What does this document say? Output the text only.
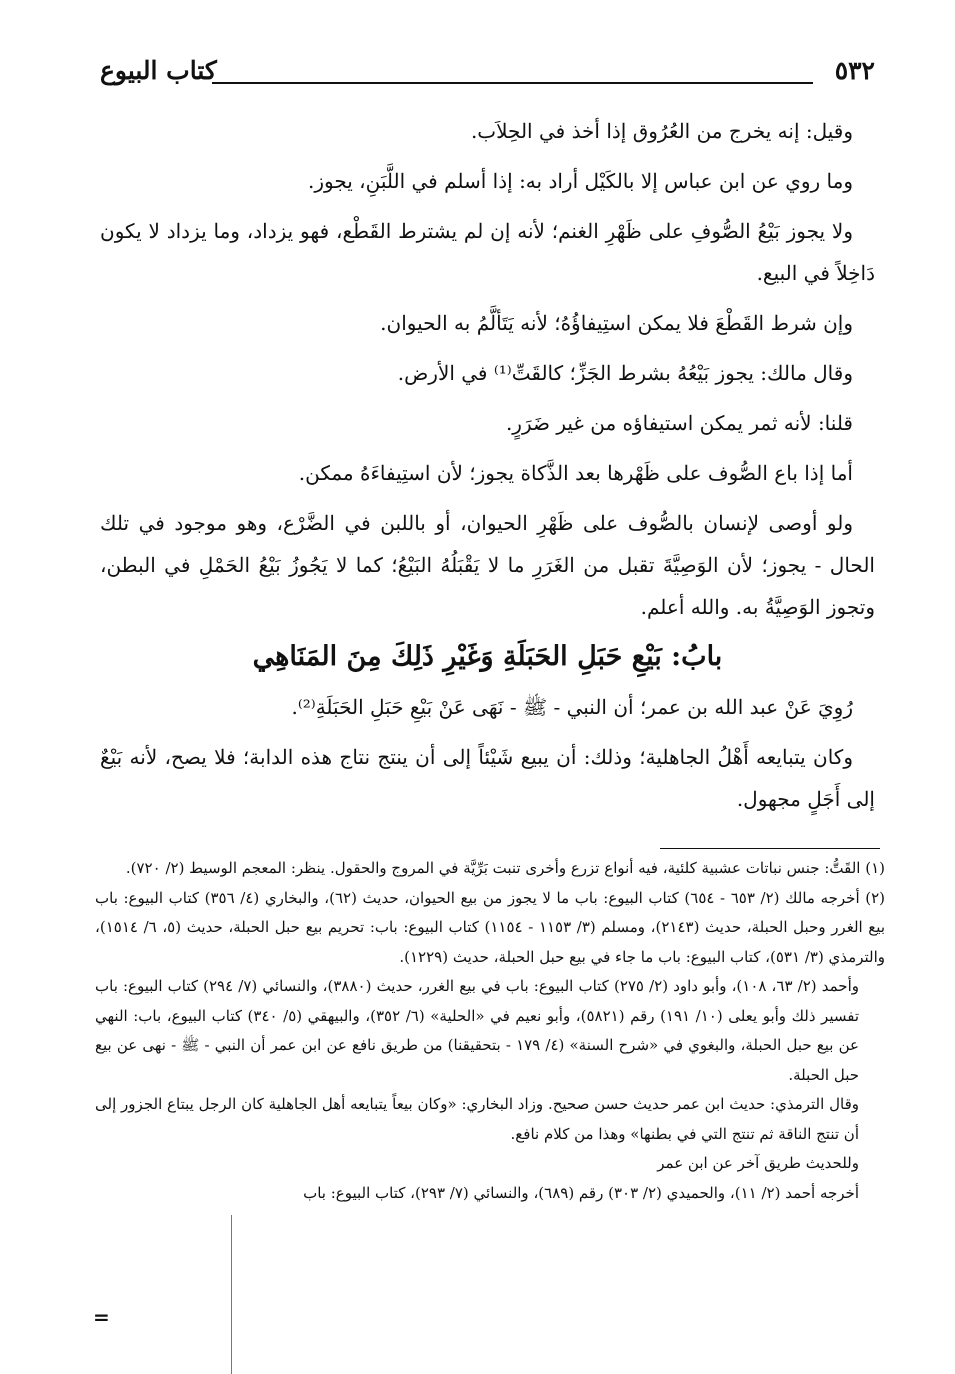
٥٣٢
كتاب البيوع

وقيل: إنه يخرج من العُرُوق إذا أخذ في الحِلاَب.

وما روي عن ابن عباس إلا بالكَيْل أراد به: إذا أسلم في اللَّبَنِ، يجوز.

ولا يجوز بَيْعُ الصُّوفِ على ظَهْرِ الغنم؛ لأنه إن لم يشترط القَطْع، فهو يزداد، وما يزداد لا يكون دَاخِلاً في البيع.

وإن شرط القَطْعَ فلا يمكن استِيفاؤُهُ؛ لأنه يَتَألَّمُ به الحيوان.

وقال مالك: يجوز بَيْعُهُ بشرط الجَزِّ؛ كالقَتِّ⁽¹⁾ في الأرض.

قلنا: لأنه ثمر يمكن استيفاؤه من غير ضَرَرٍ.

أما إذا باع الصُّوف على ظَهْرها بعد الذَّكاة يجوز؛ لأن استِيفاءَهُ ممكن.

ولو أوصى لإنسان بالصُّوف على ظَهْرِ الحيوان، أو باللبن في الضَّرْع، وهو موجود في تلك الحال - يجوز؛ لأن الوَصِيَّةَ تقبل من الغَرَرِ ما لا يَقْبَلُهُ البَيْعُ؛ كما لا يَجُوزُ بَيْعُ الحَمْلِ في البطن، وتجوز الوَصِيَّةُ به. والله أعلم.

بابُ: بَيْعِ حَبَلِ الحَبَلَةِ وَغَيْرِ ذَلِكَ مِنَ المَنَاهِي

رُوِيَ عَنْ عبد الله بن عمر؛ أن النبي - ﷺ - نَهَى عَنْ بَيْعِ حَبَلِ الحَبَلَةِ⁽²⁾.

وكان يتبايعه أَهْلُ الجاهلية؛ وذلك: أن يبيع شَيْئاً إلى أن ينتج نتاج هذه الدابة؛ فلا يصح، لأنه بَيْعٌ إلى أَجَلٍ مجهول.

(١) القَتُّ: جنس نباتات عشبية كلئية، فيه أنواع تزرع وأخرى تنبت بَرِّيَّة في المروج والحقول. ينظر: المعجم الوسيط (٢/ ٧٢٠).

(٢) أخرجه مالك (٢/ ٦٥٣ - ٦٥٤) كتاب البيوع: باب ما لا يجوز من بيع الحيوان، حديث (٦٢)، والبخاري (٤/ ٣٥٦) كتاب البيوع: باب بيع الغرر وحبل الحبلة، حديث (٢١٤٣)، ومسلم (٣/ ١١٥٣ - ١١٥٤) كتاب البيوع: باب: تحريم بيع حبل الحبلة، حديث (٥، ٦/ ١٥١٤)، والترمذي (٣/ ٥٣١)، كتاب البيوع: باب ما جاء في بيع حبل الحبلة، حديث (١٢٢٩).

وأحمد (٢/ ٦٣، ١٠٨)، وأبو داود (٢/ ٢٧٥) كتاب البيوع: باب في بيع الغرر، حديث (٣٨٨٠)، والنسائي (٧/ ٢٩٤) كتاب البيوع: باب تفسير ذلك وأبو يعلى (١٠/ ١٩١) رقم (٥٨٢١)، وأبو نعيم في «الحلية» (٦/ ٣٥٢)، والبيهقي (٥/ ٣٤٠) كتاب البيوع، باب: النهي عن بيع حبل الحبلة، والبغوي في «شرح السنة» (٤/ ١٧٩ - بتحقيقنا) من طريق نافع عن ابن عمر أن النبي - ﷺ - نهى عن بيع حبل الحبلة.

وقال الترمذي: حديث ابن عمر حديث حسن صحيح. وزاد البخاري: «وكان بيعاً يتبايعه أهل الجاهلية كان الرجل يبتاع الجزور إلى أن تنتج الناقة ثم تنتج التي في بطنها» وهذا من كلام نافع.

وللحديث طريق آخر عن ابن عمر

أخرجه أحمد (٢/ ١١)، والحميدي (٢/ ٣٠٣) رقم (٦٨٩)، والنسائي (٧/ ٢٩٣)، كتاب البيوع: باب

=
